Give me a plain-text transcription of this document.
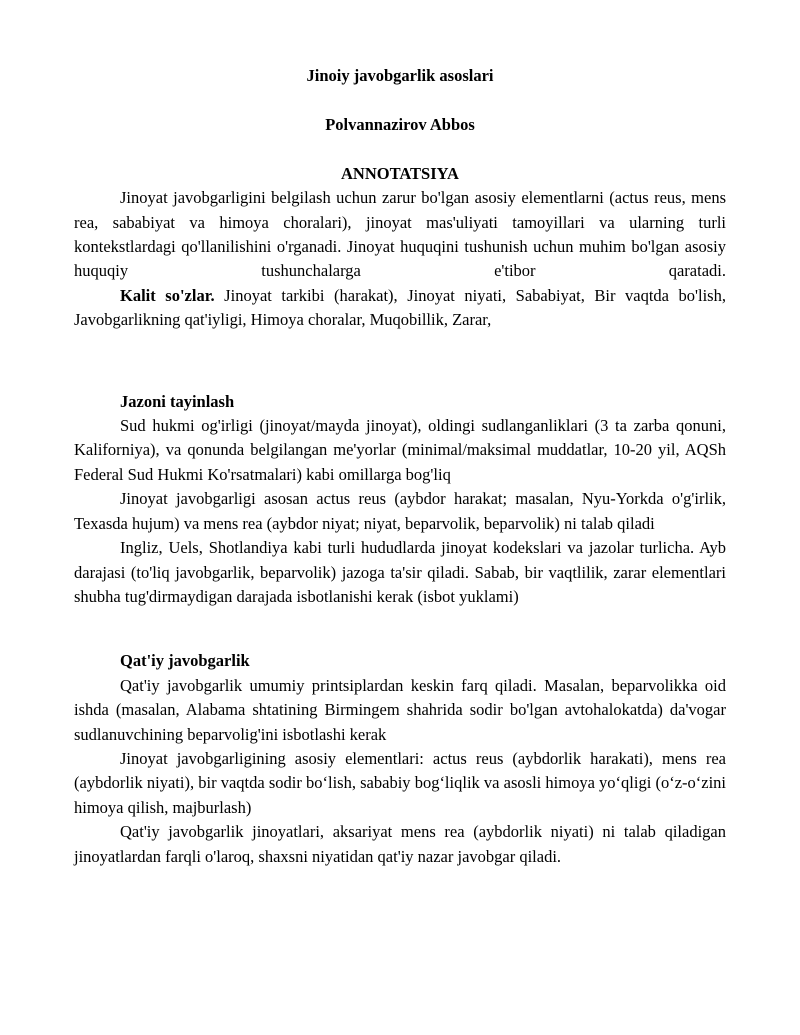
Jinoiy javobgarlik asoslari

Polvannazirov Abbos

ANNOTATSIYA

Jinoyat javobgarligini belgilash uchun zarur bo'lgan asosiy elementlarni (actus reus, mens rea, sababiyat va himoya choralari), jinoyat mas'uliyati tamoyillari va ularning turli kontekstlardagi qo'llanilishini o'rganadi. Jinoyat huquqini tushunish uchun muhim bo'lgan asosiy huquqiy tushunchalarga e'tibor qaratadi.

Kalit so'zlar. Jinoyat tarkibi (harakat), Jinoyat niyati, Sababiyat, Bir vaqtda bo'lish, Javobgarlikning qat'iyligi, Himoya choralar, Muqobillik, Zarar,

Jazoni tayinlash

Sud hukmi og'irligi (jinoyat/mayda jinoyat), oldingi sudlanganliklari (3 ta zarba qonuni, Kaliforniya), va qonunda belgilangan me'yorlar (minimal/maksimal muddatlar, 10-20 yil, AQSh Federal Sud Hukmi Ko'rsatmalari) kabi omillarga bog'liq

Jinoyat javobgarligi asosan actus reus (aybdor harakat; masalan, Nyu-Yorkda o'g'irlik, Texasda hujum) va mens rea (aybdor niyat; niyat, beparvolik, beparvolik) ni talab qiladi

Ingliz, Uels, Shotlandiya kabi turli hududlarda jinoyat kodekslari va jazolar turlicha. Ayb darajasi (to'liq javobgarlik, beparvolik) jazoga ta'sir qiladi. Sabab, bir vaqtlilik, zarar elementlari shubha tug'dirmaydigan darajada isbotlanishi kerak (isbot yuklami)

Qat'iy javobgarlik

Qat'iy javobgarlik umumiy printsiplardan keskin farq qiladi. Masalan, beparvolikka oid ishda (masalan, Alabama shtatining Birmingem shahrida sodir bo'lgan avtohalokatda) da'vogar sudlanuvchining beparvolig'ini isbotlashi kerak

Jinoyat javobgarligining asosiy elementlari: actus reus (aybdorlik harakati), mens rea (aybdorlik niyati), bir vaqtda sodir bo‘lish, sababiy bog‘liqlik va asosli himoya yo‘qligi (o‘z-o‘zini himoya qilish, majburlash)

Qat'iy javobgarlik jinoyatlari, aksariyat mens rea (aybdorlik niyati) ni talab qiladigan jinoyatlardan farqli o'laroq, shaxsni niyatidan qat'iy nazar javobgar qiladi.
